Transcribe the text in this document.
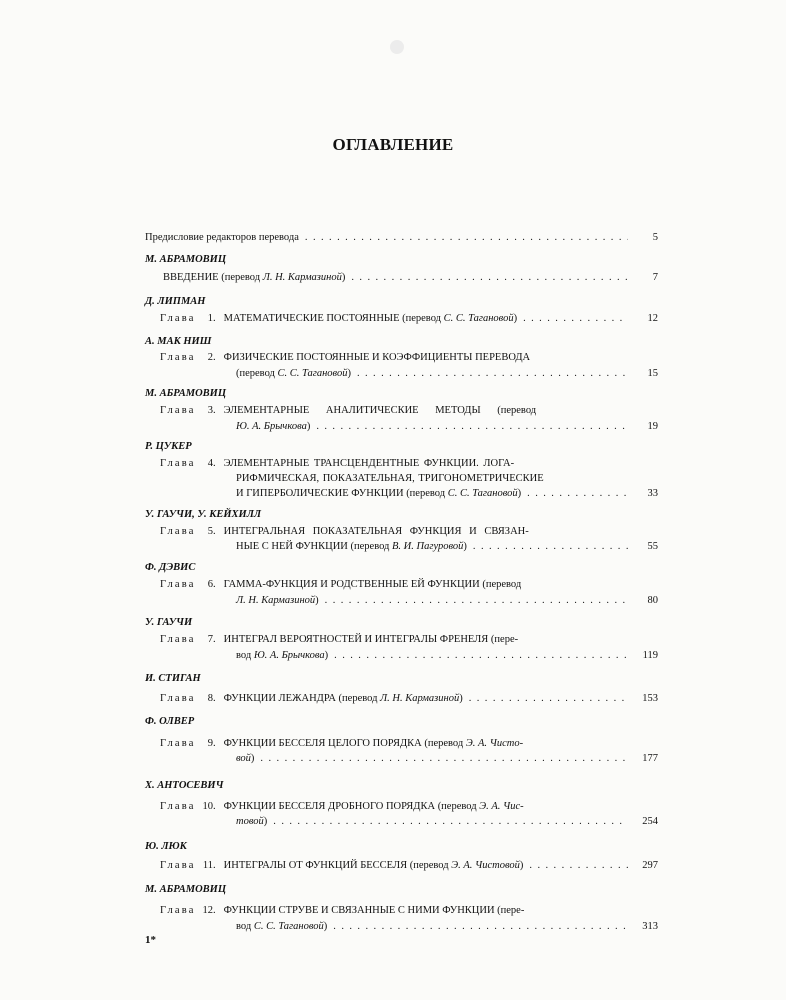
ОГЛАВЛЕНИЕ
Предисловие редакторов перевода . . .	5
М. АБРАМОВИЦ
ВВЕДЕНИЕ
(перевод
Л. Н. Кармазиной ) . . .	7
Д. ЛИПМАН
Глава	1. МАТЕМАТИЧЕСКИЕ ПОСТОЯННЫЕ
(перевод
С. С. Тагановой ) . . .	12
А. МАК НИШ
Глава	2. ФИЗИЧЕСКИЕ ПОСТОЯННЫЕ И КОЭФФИЦИЕНТЫ ПЕРЕВОДА
(перевод
С. С. Тагановой ) . . .	15
М. АБРАМОВИЦ
Глава	3. ЭЛЕМЕНТАРНЫЕ АНАЛИТИЧЕСКИЕ МЕТОДЫ (перевод
Ю. А. Брычкова ) . . .	19
Р. ЦУКЕР
Глава	4. ЭЛЕМЕНТАРНЫЕ ТРАНСЦЕНДЕНТНЫЕ ФУНКЦИИ. ЛОГА-
РИФМИЧЕСКАЯ, ПОКАЗАТЕЛЬНАЯ, ТРИГОНОМЕТРИЧЕСКИЕ
И ГИПЕРБОЛИЧЕСКИЕ ФУНКЦИИ
(перевод
С. С. Тагановой ) . . .	33
У. ГАУЧИ, У. КЕЙХИЛЛ
Глава	5. ИНТЕГРАЛЬНАЯ ПОКАЗАТЕЛЬНАЯ ФУНКЦИЯ И СВЯЗАН-
НЫЕ С НЕЙ ФУНКЦИИ
(перевод
В. И. Пагуровой ) . . .	55
Ф. ДЭВИС
Глава	6. ГАММА-ФУНКЦИЯ И РОДСТВЕННЫЕ ЕЙ ФУНКЦИИ (перевод
Л. Н. Кармазиной ) . . .	80
У. ГАУЧИ
Глава	7. ИНТЕГРАЛ ВЕРОЯТНОСТЕЙ И ИНТЕГРАЛЫ ФРЕНЕЛЯ (пере-
вод
Ю. А. Брычкова ) . . .	119
И. СТИГАН
Глава	8. ФУНКЦИИ ЛЕЖАНДРА
(перевод
Л. Н. Кармазиной ) . . .	153
Ф. ОЛВЕР
Глава	9. ФУНКЦИИ БЕССЕЛЯ ЦЕЛОГО ПОРЯДКА
(перевод
Э. А. Чисто-
вой ) . . .	177
Х. АНТОСЕВИЧ
Глава 10. ФУНКЦИИ БЕССЕЛЯ ДРОБНОГО ПОРЯДКА
(перевод
Э. А. Чис-
товой ) . . .	254
Ю. ЛЮК
Глава 11. ИНТЕГРАЛЫ ОТ ФУНКЦИЙ БЕССЕЛЯ
(перевод
Э. А. Чистовой ) . . .	297
М. АБРАМОВИЦ
Глава 12. ФУНКЦИИ СТРУВЕ И СВЯЗАННЫЕ С НИМИ ФУНКЦИИ (пере-
вод
С. С. Тагановой ) . . .	313
1*
